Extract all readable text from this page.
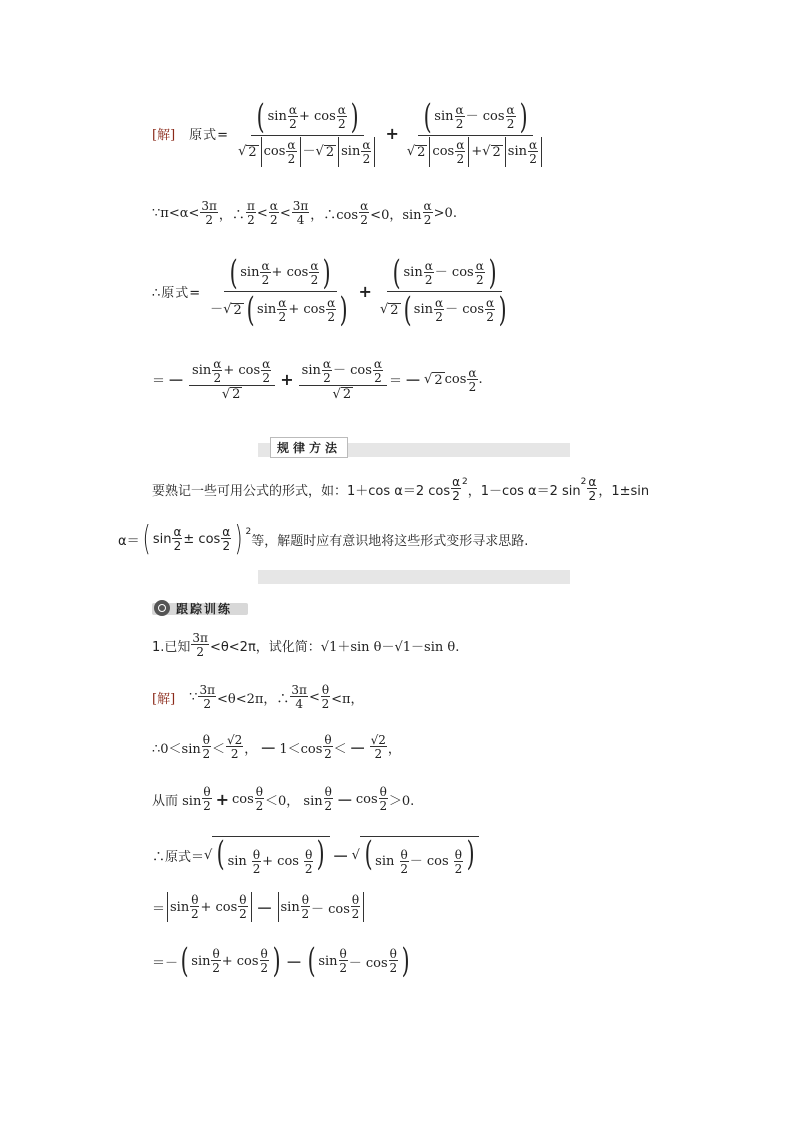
[解] 原式= ( sin α
2 + cos α
2 )
√ 2 cos α
2 － √ 2 sin α
2 + ( sin α
2 － cos α
2 )
√ 2 cos α
2 + √ 2 sin α
2
∵π<α< 3π
2 ，∴
π
2 < α
2 < 3π
4 ，∴cos
α
2 <0，sin
α
2 >0.
∴原式= ( sin α
2 + cos α
2 )
－ √ 2 ( sin α
2 + cos α
2 ) + ( sin α
2 － cos α
2 )
√ 2 ( sin α
2 － cos α
2 )
＝ － sin α
2 + cos α
2
√ 2 + sin α
2 － cos α
2
√ 2 ＝ － √ 2 cos α
2 .
规律方法
要熟记一些可用公式的形式，如：1＋cos α＝2 cos
α
2
2
，1－cos α＝2 sin
2 α
2 ，1±sin
α＝ ( sin α
2 ± cos α
2 ) 2
等，解题时应有意识地将这些形式变形寻求思路.
跟踪训练
1.已知
3π
2 <θ<2π，试化简： √1＋sin θ－√1－sin θ.
[解] ∵ 3π
2 <θ<2π，∴
3π
4 < θ
2 <π，
∴0＜sin
θ
2 ＜
√2
2 ， － 1＜cos
θ
2 ＜ － √2
2 ，
从而 sin
θ
$2 + \cos \frac{\theta}{2} <0$， sin
θ
2 － cos θ
2 ＞0.
∴原式＝ √ ( $\sin \frac{\theta}{2} + \cos \frac{\theta}{2}$ ) － √ ( $\sin \frac{\theta}{2} - \cos \frac{\theta}{2}$ )
＝ sin θ
2 + cos θ
2 － sin θ
2 － cos
θ
2
＝－ ( sin θ
2 + cos θ
2 ) － ( sin θ
2 － cos
θ
2 )
